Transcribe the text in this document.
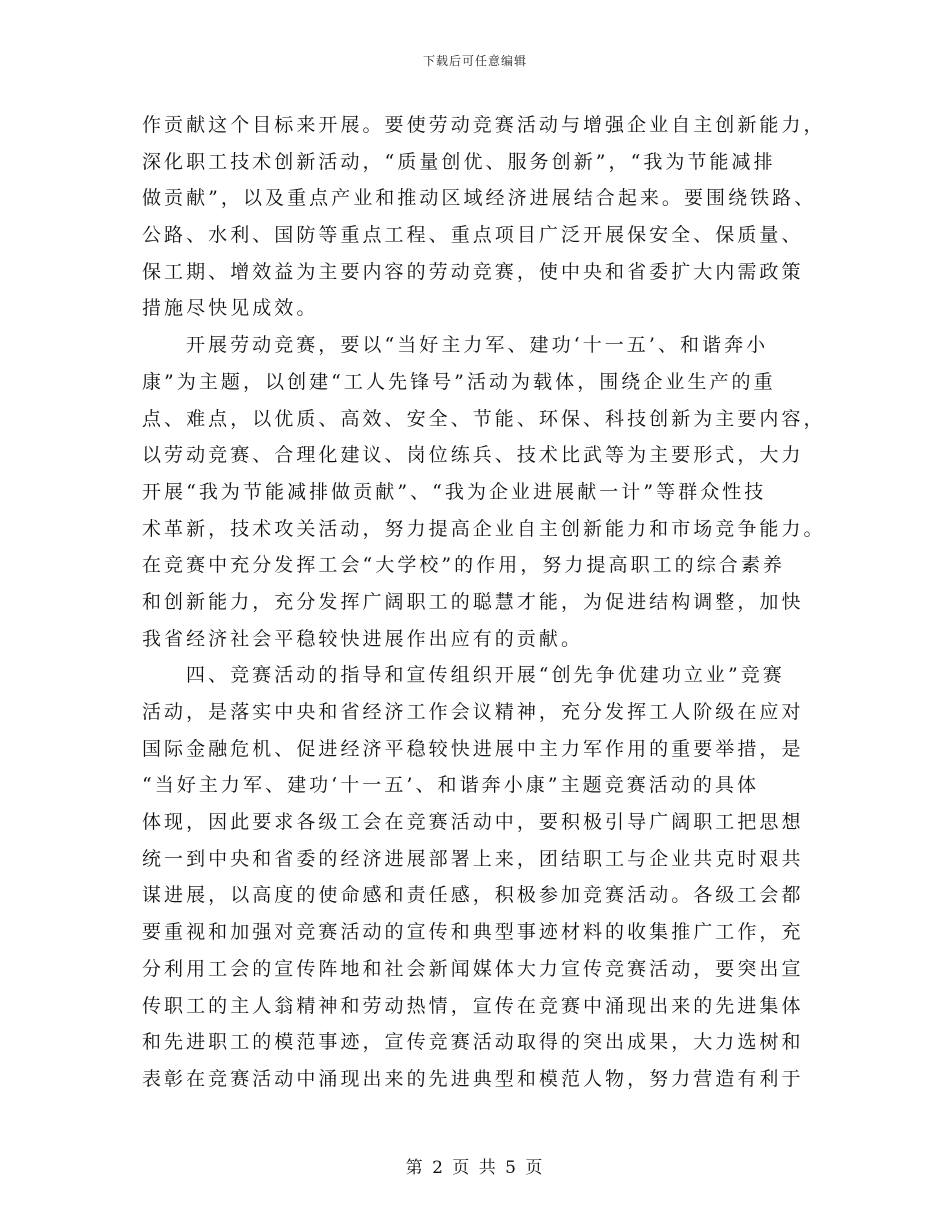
下载后可任意编辑
作贡献这个目标来开展。要使劳动竞赛活动与增强企业自主创新能力，
深化职工技术创新活动，“质量创优、服务创新”，“我为节能减排
做贡献”，以及重点产业和推动区域经济进展结合起来。要围绕铁路、
公路、水利、国防等重点工程、重点项目广泛开展保安全、保质量、
保工期、增效益为主要内容的劳动竞赛，使中央和省委扩大内需政策
措施尽快见成效。
开展劳动竞赛，要以“当好主力军、建功‘十一五’、和谐奔小
康”为主题，以创建“工人先锋号”活动为载体，围绕企业生产的重
点、难点，以优质、高效、安全、节能、环保、科技创新为主要内容，
以劳动竞赛、合理化建议、岗位练兵、技术比武等为主要形式，大力
开展“我为节能减排做贡献”、“我为企业进展献一计”等群众性技
术革新，技术攻关活动，努力提高企业自主创新能力和市场竞争能力。
在竞赛中充分发挥工会“大学校”的作用，努力提高职工的综合素养
和创新能力，充分发挥广阔职工的聪慧才能，为促进结构调整，加快
我省经济社会平稳较快进展作出应有的贡献。
四、竞赛活动的指导和宣传组织开展“创先争优建功立业”竞赛
活动，是落实中央和省经济工作会议精神，充分发挥工人阶级在应对
国际金融危机、促进经济平稳较快进展中主力军作用的重要举措，是
“当好主力军、建功‘十一五’、和谐奔小康”主题竞赛活动的具体
体现，因此要求各级工会在竞赛活动中，要积极引导广阔职工把思想
统一到中央和省委的经济进展部署上来，团结职工与企业共克时艰共
谋进展，以高度的使命感和责任感，积极参加竞赛活动。各级工会都
要重视和加强对竞赛活动的宣传和典型事迹材料的收集推广工作，充
分利用工会的宣传阵地和社会新闻媒体大力宣传竞赛活动，要突出宣
传职工的主人翁精神和劳动热情，宣传在竞赛中涌现出来的先进集体
和先进职工的模范事迹，宣传竞赛活动取得的突出成果，大力选树和
表彰在竞赛活动中涌现出来的先进典型和模范人物，努力营造有利于
第 2 页 共 5 页
